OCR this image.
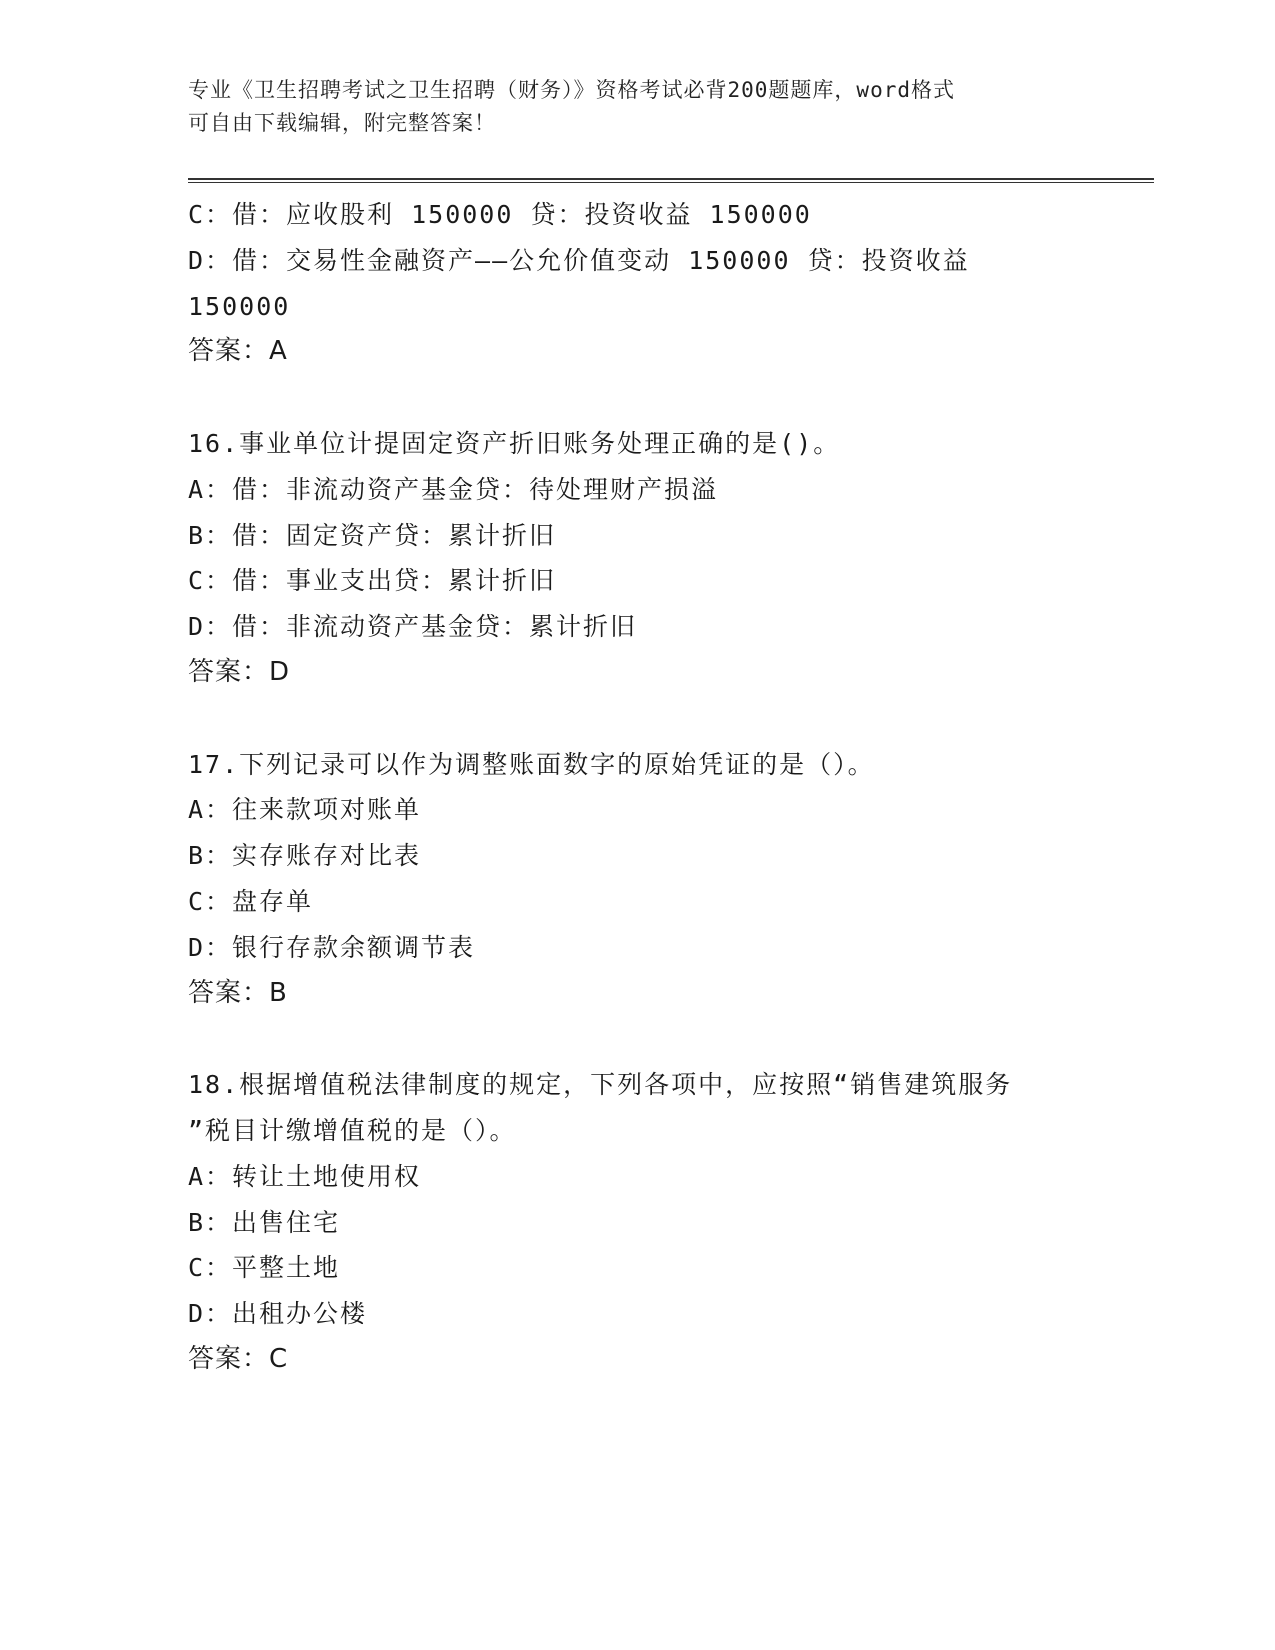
专业《卫生招聘考试之卫生招聘（财务）》资格考试必背200题题库，word格式
可自由下载编辑，附完整答案！
C：借：应收股利 150000 贷：投资收益 150000
D：借：交易性金融资产——公允价值变动 150000 贷：投资收益
150000
答案：A
16.事业单位计提固定资产折旧账务处理正确的是()。
A：借：非流动资产基金贷：待处理财产损溢
B：借：固定资产贷：累计折旧
C：借：事业支出贷：累计折旧
D：借：非流动资产基金贷：累计折旧
答案：D
17.下列记录可以作为调整账面数字的原始凭证的是（）。
A：往来款项对账单
B：实存账存对比表
C：盘存单
D：银行存款余额调节表
答案：B
18.根据增值税法律制度的规定，下列各项中，应按照“销售建筑服务
”税目计缴增值税的是（）。
A：转让土地使用权
B：出售住宅
C：平整土地
D：出租办公楼
答案：C
